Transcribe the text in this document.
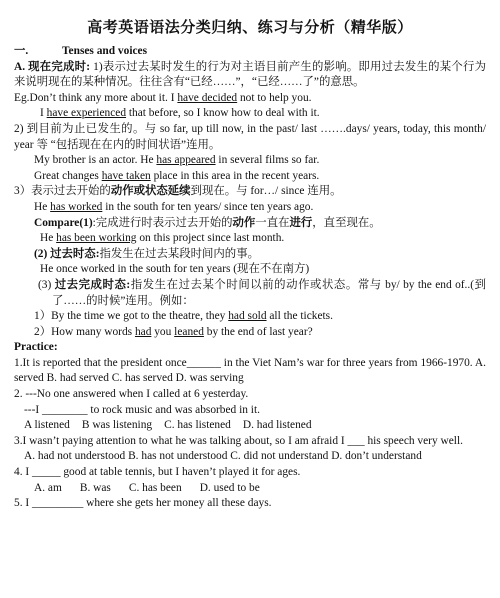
高考英语语法分类归纳、练习与分析（精华版）
一.	Tenses and voices

A. 现在完成时: 1)表示过去某时发生的行为对主语目前产生的影响。即用过去发生的某个行为来说明现在的某种情况。往往含有“已经……”，“已经……了”的意思。

Eg.Don’t think any more about it. I have decided not to help you.

I have experienced that before, so I know how to deal with it.

2) 到目前为止已发生的。与 so far, up till now, in the past/ last …….days/ years, today, this month/ year 等 “包括现在在内的时间状语”连用。

My brother is an actor. He has appeared in several films so far.

Great changes have taken place in this area in the recent years.

3）表示过去开始的动作或状态延续到现在。与 for…/ since 连用。

He has worked in the south for ten years/ since ten years ago.

Compare(1):完成进行时表示过去开始的动作一直在进行，直至现在。

He has been working on this project since last month.

(2) 过去时态:指发生在过去某段时间内的事。

He once worked in the south for ten years (现在不在南方)

(3) 过去完成时态:指发生在过去某个时间以前的动作或状态。常与 by/ by the end of..(到了……的时候”连用。例如：

1）By the time we got to the theatre, they had sold all the tickets.

2）How many words had you leaned by the end of last year?

Practice:

1.It is reported that the president once______ in the Viet Nam’s war for three years from 1966-1970. A. served B. had served C. has served D. was serving

2. ---No one answered when I called at 6 yesterday.

---I ________ to rock music and was absorbed in it.

A listened B was listening C. has listened D. had listened

3.I wasn’t paying attention to what he was talking about, so I am afraid I ___ his speech very well.

A. had not understood B. has not understood C. did not understand D. don’t understand

4. I _____ good at table tennis, but I haven’t played it for ages.

A. am B. was C. has been D. used to be

5. I _________ where she gets her money all these days.
